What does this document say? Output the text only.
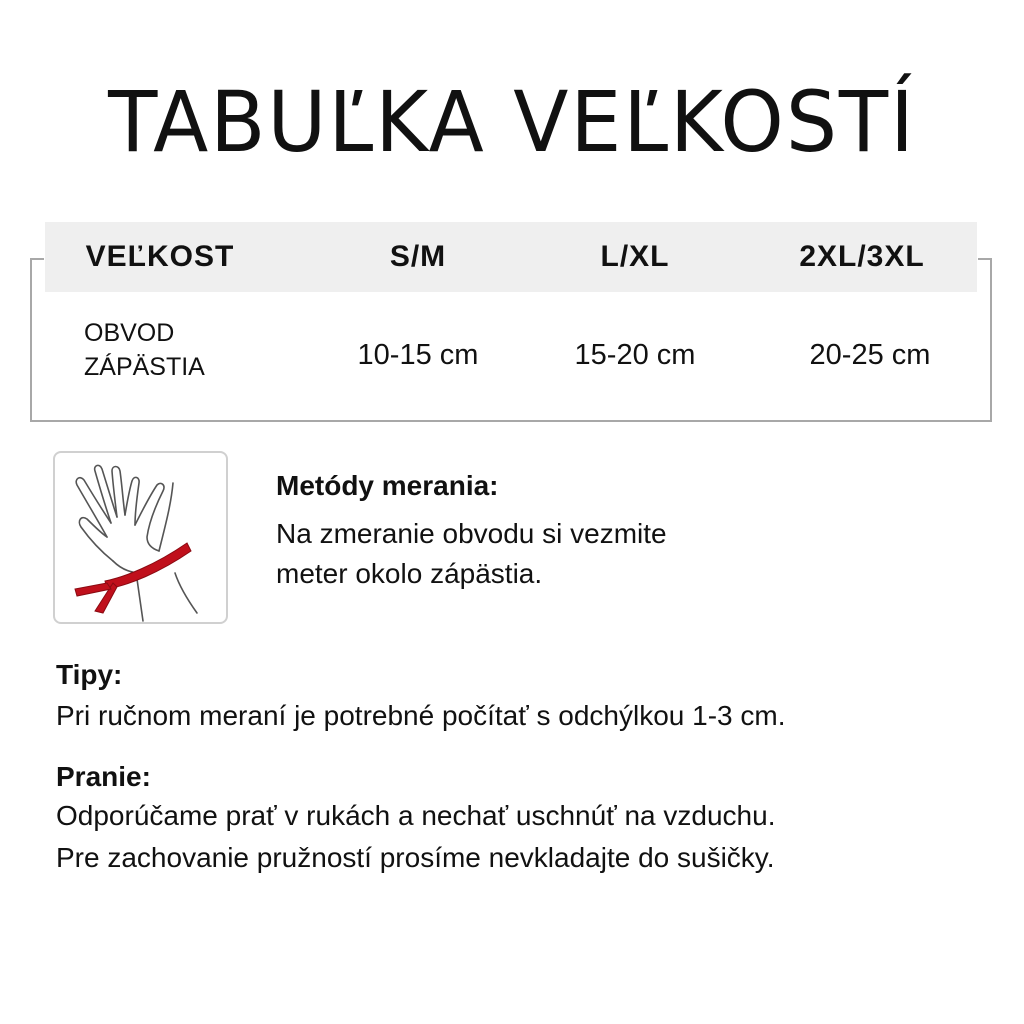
TABUĽKA VEĽKOSTÍ
VEĽKOST	S/M	L/XL	2XL/3XL
OBVOD
ZÁPÄSTIA	10-15 cm	15-20 cm	20-25 cm
Metódy merania:
Na zmeranie obvodu si vezmite
meter okolo zápästia.
Tipy:
Pri ručnom meraní je potrebné počítať s odchýlkou 1-3 cm.
Pranie:
Odporúčame prať v rukách a nechať uschnúť na vzduchu.
Pre zachovanie pružností prosíme nevkladajte do sušičky.
